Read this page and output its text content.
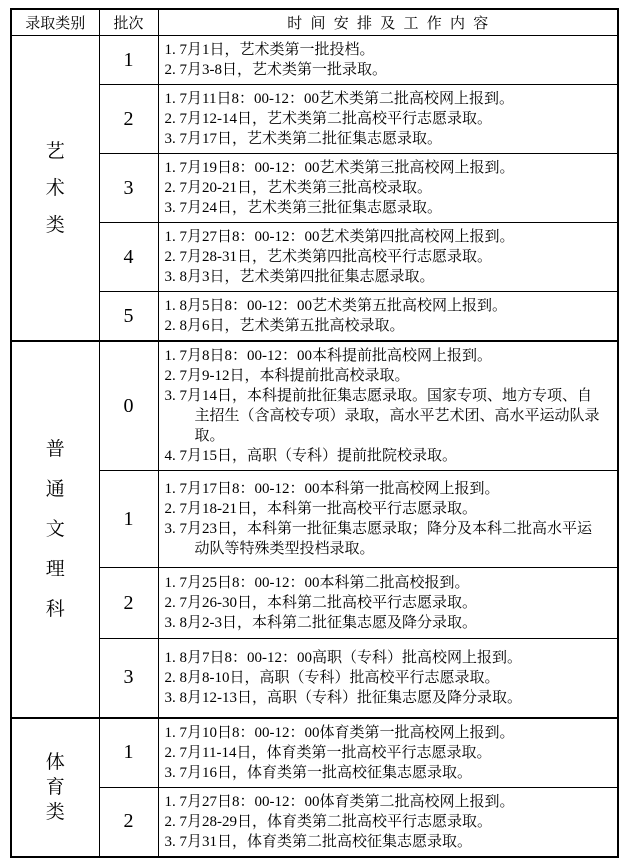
录取类别	批次	时间安排及工作内容

艺
术
类
	1	1. 7月1日，艺术类第一批投档。
2. 7月3-8日，艺术类第一批录取。

	2	1. 7月11日8：00-12：00艺术类第二批高校网上报到。
2. 7月12-14日，艺术类第二批高校平行志愿录取。
3. 7月17日，艺术类第二批征集志愿录取。

	3	1. 7月19日8：00-12：00艺术类第三批高校网上报到。
2. 7月20-21日，艺术类第三批高校录取。
3. 7月24日，艺术类第三批征集志愿录取。

	4	1. 7月27日8：00-12：00艺术类第四批高校网上报到。
2. 7月28-31日，艺术类第四批高校平行志愿录取。
3. 8月3日，艺术类第四批征集志愿录取。

	5	1. 8月5日8：00-12：00艺术类第五批高校网上报到。
2. 8月6日，艺术类第五批高校录取。

普
通
文
理
科
	0	
1. 7月8日8：00-12：00本科提前批高校网上报到。
2. 7月9-12日，本科提前批高校录取。
3. 7月14日，本科提前批征集志愿录取。国家专项、地方专项、自主招生（含高校专项）录取，高水平艺术团、高水平运动队录取。
4. 7月15日，高职（专科）提前批院校录取。

	1	1. 7月17日8：00-12：00本科第一批高校网上报到。
2. 7月18-21日，本科第一批高校平行志愿录取。
3. 7月23日，本科第一批征集志愿录取；降分及本科二批高水平运动队等特殊类型投档录取。

	2	1. 7月25日8：00-12：00本科第二批高校报到。
2. 7月26-30日，本科第二批高校平行志愿录取。
3. 8月2-3日，本科第二批征集志愿及降分录取。

	3	1. 8月7日8：00-12：00高职（专科）批高校网上报到。
2. 8月8-10日，高职（专科）批高校平行志愿录取。
3. 8月12-13日，高职（专科）批征集志愿及降分录取。

体
育
类
	1	
1. 7月10日8：00-12：00体育类第一批高校网上报到。
2. 7月11-14日，体育类第一批高校平行志愿录取。
3. 7月16日，体育类第一批高校征集志愿录取。

	2	1. 7月27日8：00-12：00体育类第二批高校网上报到。
2. 7月28-29日，体育类第二批高校平行志愿录取。
3. 7月31日，体育类第二批高校征集志愿录取。
